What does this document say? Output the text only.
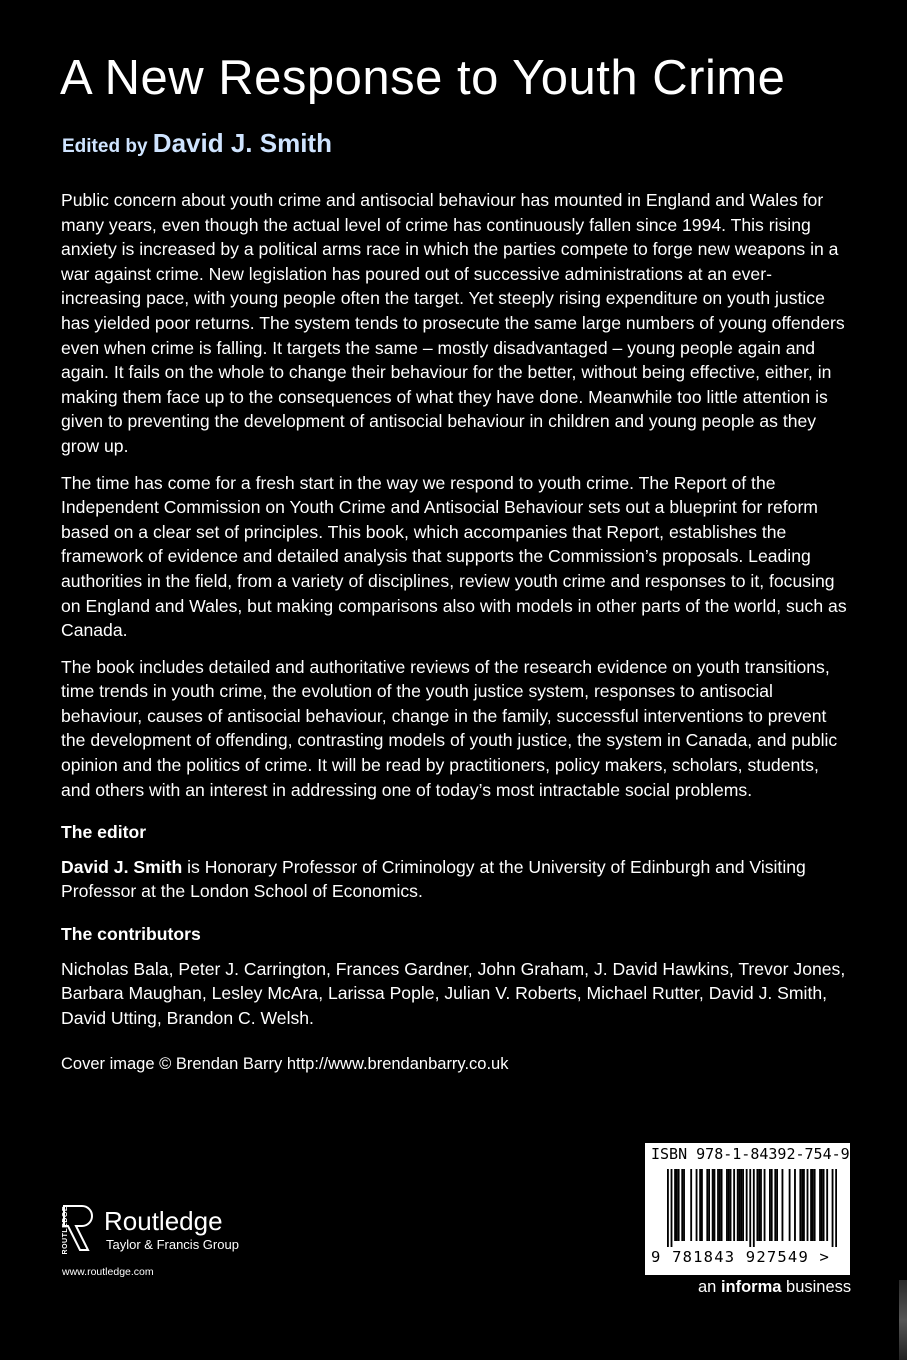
A New Response to Youth Crime
Edited by David J. Smith

Public concern about youth crime and antisocial behaviour has mounted in England and Wales for many years, even though the actual level of crime has continuously fallen since 1994. This rising anxiety is increased by a political arms race in which the parties compete to forge new weapons in a war against crime. New legislation has poured out of successive administrations at an ever-increasing pace, with young people often the target. Yet steeply rising expenditure on youth justice has yielded poor returns. The system tends to prosecute the same large numbers of young offenders even when crime is falling. It targets the same – mostly disadvantaged – young people again and again. It fails on the whole to change their behaviour for the better, without being effective, either, in making them face up to the consequences of what they have done. Meanwhile too little attention is given to preventing the development of antisocial behaviour in children and young people as they grow up.

The time has come for a fresh start in the way we respond to youth crime. The Report of the Independent Commission on Youth Crime and Antisocial Behaviour sets out a blueprint for reform based on a clear set of principles. This book, which accompanies that Report, establishes the framework of evidence and detailed analysis that supports the Commission’s proposals. Leading authorities in the field, from a variety of disciplines, review youth crime and responses to it, focusing on England and Wales, but making comparisons also with models in other parts of the world, such as Canada.

The book includes detailed and authoritative reviews of the research evidence on youth transitions, time trends in youth crime, the evolution of the youth justice system, responses to antisocial behaviour, causes of antisocial behaviour, change in the family, successful interventions to prevent the development of offending, contrasting models of youth justice, the system in Canada, and public opinion and the politics of crime. It will be read by practitioners, policy makers, scholars, students, and others with an interest in addressing one of today’s most intractable social problems.

The editor

David J. Smith is Honorary Professor of Criminology at the University of Edinburgh and Visiting Professor at the London School of Economics.

The contributors

Nicholas Bala, Peter J. Carrington, Frances Gardner, John Graham, J. David Hawkins, Trevor Jones, Barbara Maughan, Lesley McAra, Larissa Pople, Julian V. Roberts, Michael Rutter, David J. Smith, David Utting, Brandon C. Welsh.

Cover image © Brendan Barry http://www.brendanbarry.co.uk

ROUTLEDGE Routledge
Taylor & Francis Group
www.routledge.com
ISBN 978-1-84392-754-9
9 781843 927549 >
an informa business
